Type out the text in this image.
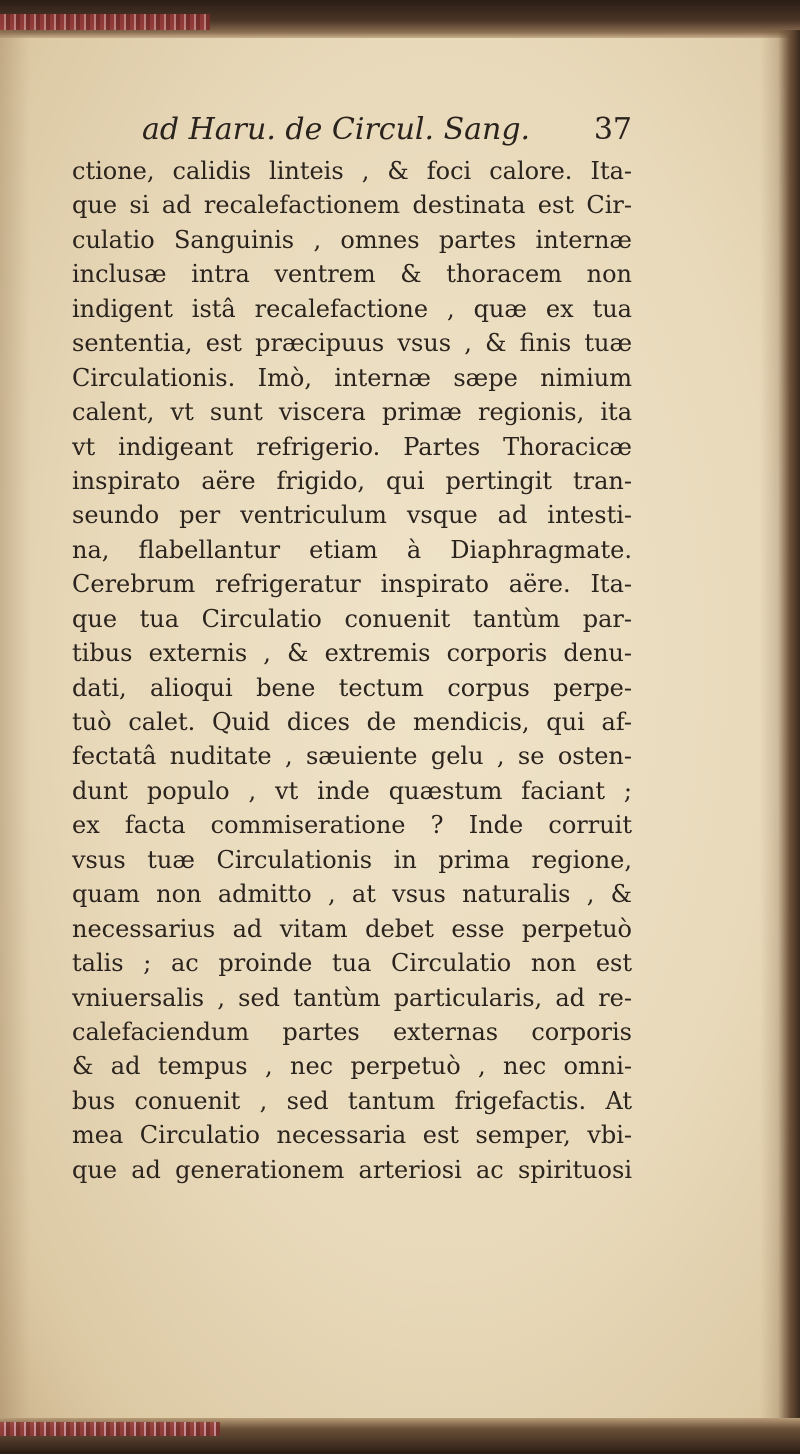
ad Haru. de Circul. Sang. 37
ctione, calidis linteis , & foci calore. Ita-
que si ad recalefactionem destinata est Cir-
culatio Sanguinis , omnes partes internæ
inclusæ intra ventrem & thoracem non
indigent istâ recalefactione , quæ ex tua
sententia, est præcipuus vsus , & finis tuæ
Circulationis. Imò, internæ sæpe nimium
calent, vt sunt viscera primæ regionis, ita
vt indigeant refrigerio. Partes Thoracicæ
inspirato aëre frigido, qui pertingit tran-
seundo per ventriculum vsque ad intesti-
na, flabellantur etiam à Diaphragmate.
Cerebrum refrigeratur inspirato aëre. Ita-
que tua Circulatio conuenit tantùm par-
tibus externis , & extremis corporis denu-
dati, alioqui bene tectum corpus perpe-
tuò calet. Quid dices de mendicis, qui af-
fectatâ nuditate , sæuiente gelu , se osten-
dunt populo , vt inde quæstum faciant ;
ex facta commiseratione ? Inde corruit
vsus tuæ Circulationis in prima regione,
quam non admitto , at vsus naturalis , &
necessarius ad vitam debet esse perpetuò
talis ; ac proinde tua Circulatio non est
vniuersalis , sed tantùm particularis, ad re-
calefaciendum partes externas corporis
& ad tempus , nec perpetuò , nec omni-
bus conuenit , sed tantum frigefactis. At
mea Circulatio necessaria est semper, vbi-
que ad generationem arteriosi ac spirituosi
